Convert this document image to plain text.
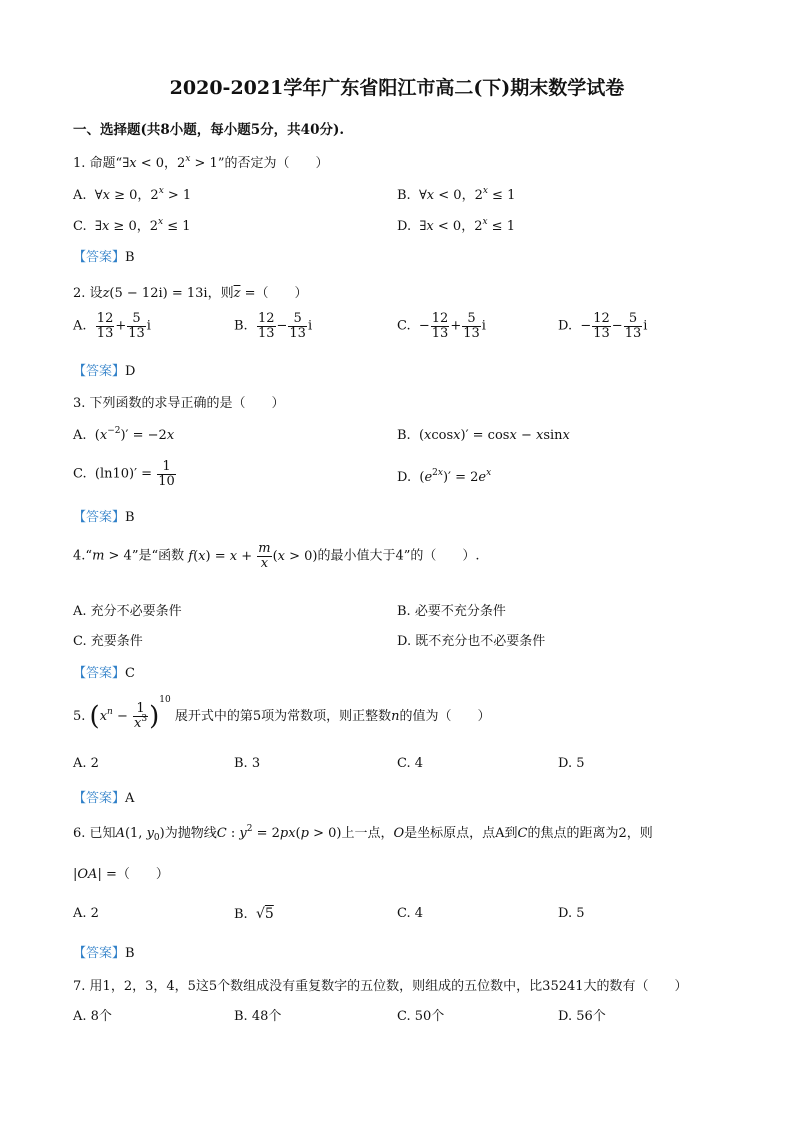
2020-2021学年广东省阳江市高二(下)期末数学试卷
一、选择题(共8小题，每小题5分，共40分).
1. 命题“∃x < 0，$2^x > 1$”的否定为（　　）
A.  ∀x ≥ 0，$2^x > 1$	B.  ∀x < 0，$2^x \le 1$
C.  ∃x ≥ 0，$2^x \le 1$	D.  ∃x < 0，$2^x \le 1$
【答案】B
2. 设z(5 − 12i) = 13i，则$\overline{z}$ =（　　）
A. $\frac{12}{13} + \frac{5}{13}$ i	B. $\frac{12}{13} - \frac{5}{13}$ i	C.  − $\frac{12}{13} + \frac{5}{13}$ i	D.  − $\frac{12}{13} - \frac{5}{13}$ i
【答案】D
3. 下列函数的求导正确的是（　　）
A.  $(x^{-2})' = -2x$	B.  (xcosx)′ = cosx − xsinx
C.  $(\ln 10)' = \frac{1}{10}$	D.  $(e^{2x})' = 2e^x$
【答案】B
4.“m > 4”是“函数 $f(x) = x + \frac{m}{x} (x > 0)$的最小值大于4”的（　　）.
A. 充分不必要条件	B. 必要不充分条件
C. 充要条件	D. 既不充分也不必要条件
【答案】C
5. $(x^n - \frac{1}{x^3} )^{10}$ 展开式中的第5项为常数项，则正整数n的值为（　　）
A. 2	B. 3	C. 4	D. 5
【答案】A
6. 已知A(1, $y_0$)为抛物线C : $y^2 = 2px(p > 0)$上一点，O是坐标原点，点A到C的焦点的距离为2，则
|OA| =（　　）
A. 2	B. √5	C. 4	D. 5
【答案】B
7. 用1，2，3，4，5这5个数组成没有重复数字的五位数，则组成的五位数中，比35241大的数有（　　）
A. 8个	B. 48个	C. 50个	D. 56个
